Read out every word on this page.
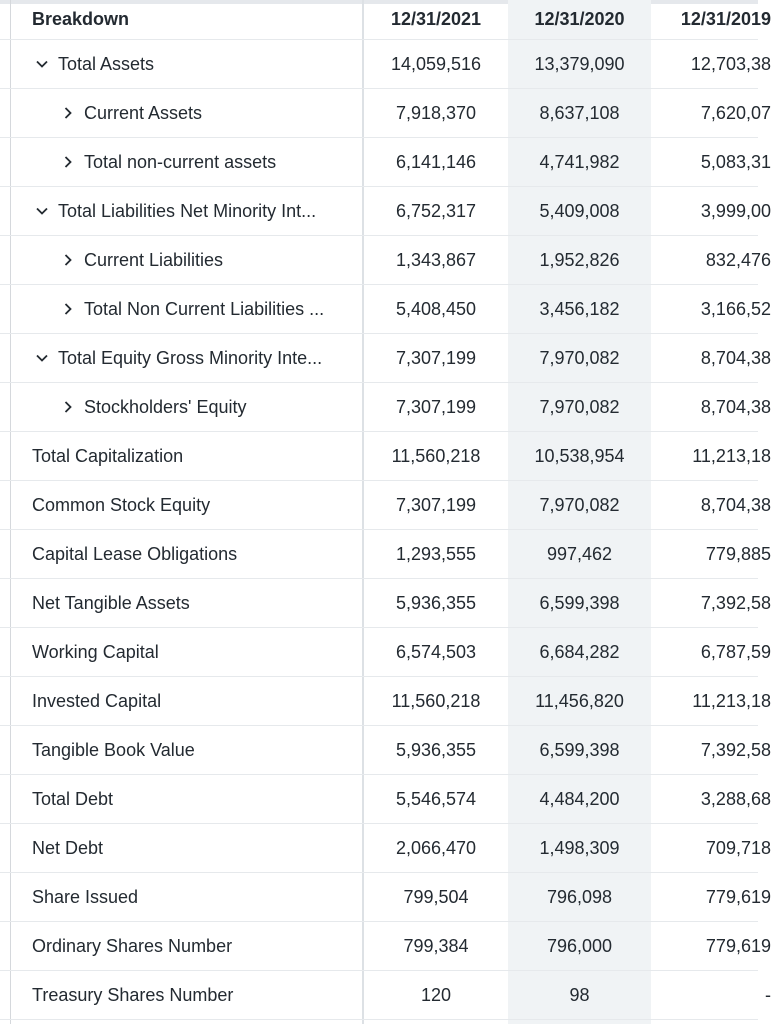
Breakdown	12/31/2021	12/31/2020	12/31/2019
Total Assets	14,059,516	13,379,090	12,703,38
Current Assets	7,918,370	8,637,108	7,620,07
Total non-current assets	6,141,146	4,741,982	5,083,31
Total Liabilities Net Minority Int...	6,752,317	5,409,008	3,999,00
Current Liabilities	1,343,867	1,952,826	832,476
Total Non Current Liabilities ...	5,408,450	3,456,182	3,166,52
Total Equity Gross Minority Inte...	7,307,199	7,970,082	8,704,38
Stockholders' Equity	7,307,199	7,970,082	8,704,38
Total Capitalization	11,560,218	10,538,954	11,213,18
Common Stock Equity	7,307,199	7,970,082	8,704,38
Capital Lease Obligations	1,293,555	997,462	779,885
Net Tangible Assets	5,936,355	6,599,398	7,392,58
Working Capital	6,574,503	6,684,282	6,787,59
Invested Capital	11,560,218	11,456,820	11,213,18
Tangible Book Value	5,936,355	6,599,398	7,392,58
Total Debt	5,546,574	4,484,200	3,288,68
Net Debt	2,066,470	1,498,309	709,718
Share Issued	799,504	796,098	779,619
Ordinary Shares Number	799,384	796,000	779,619
Treasury Shares Number	120	98	-
